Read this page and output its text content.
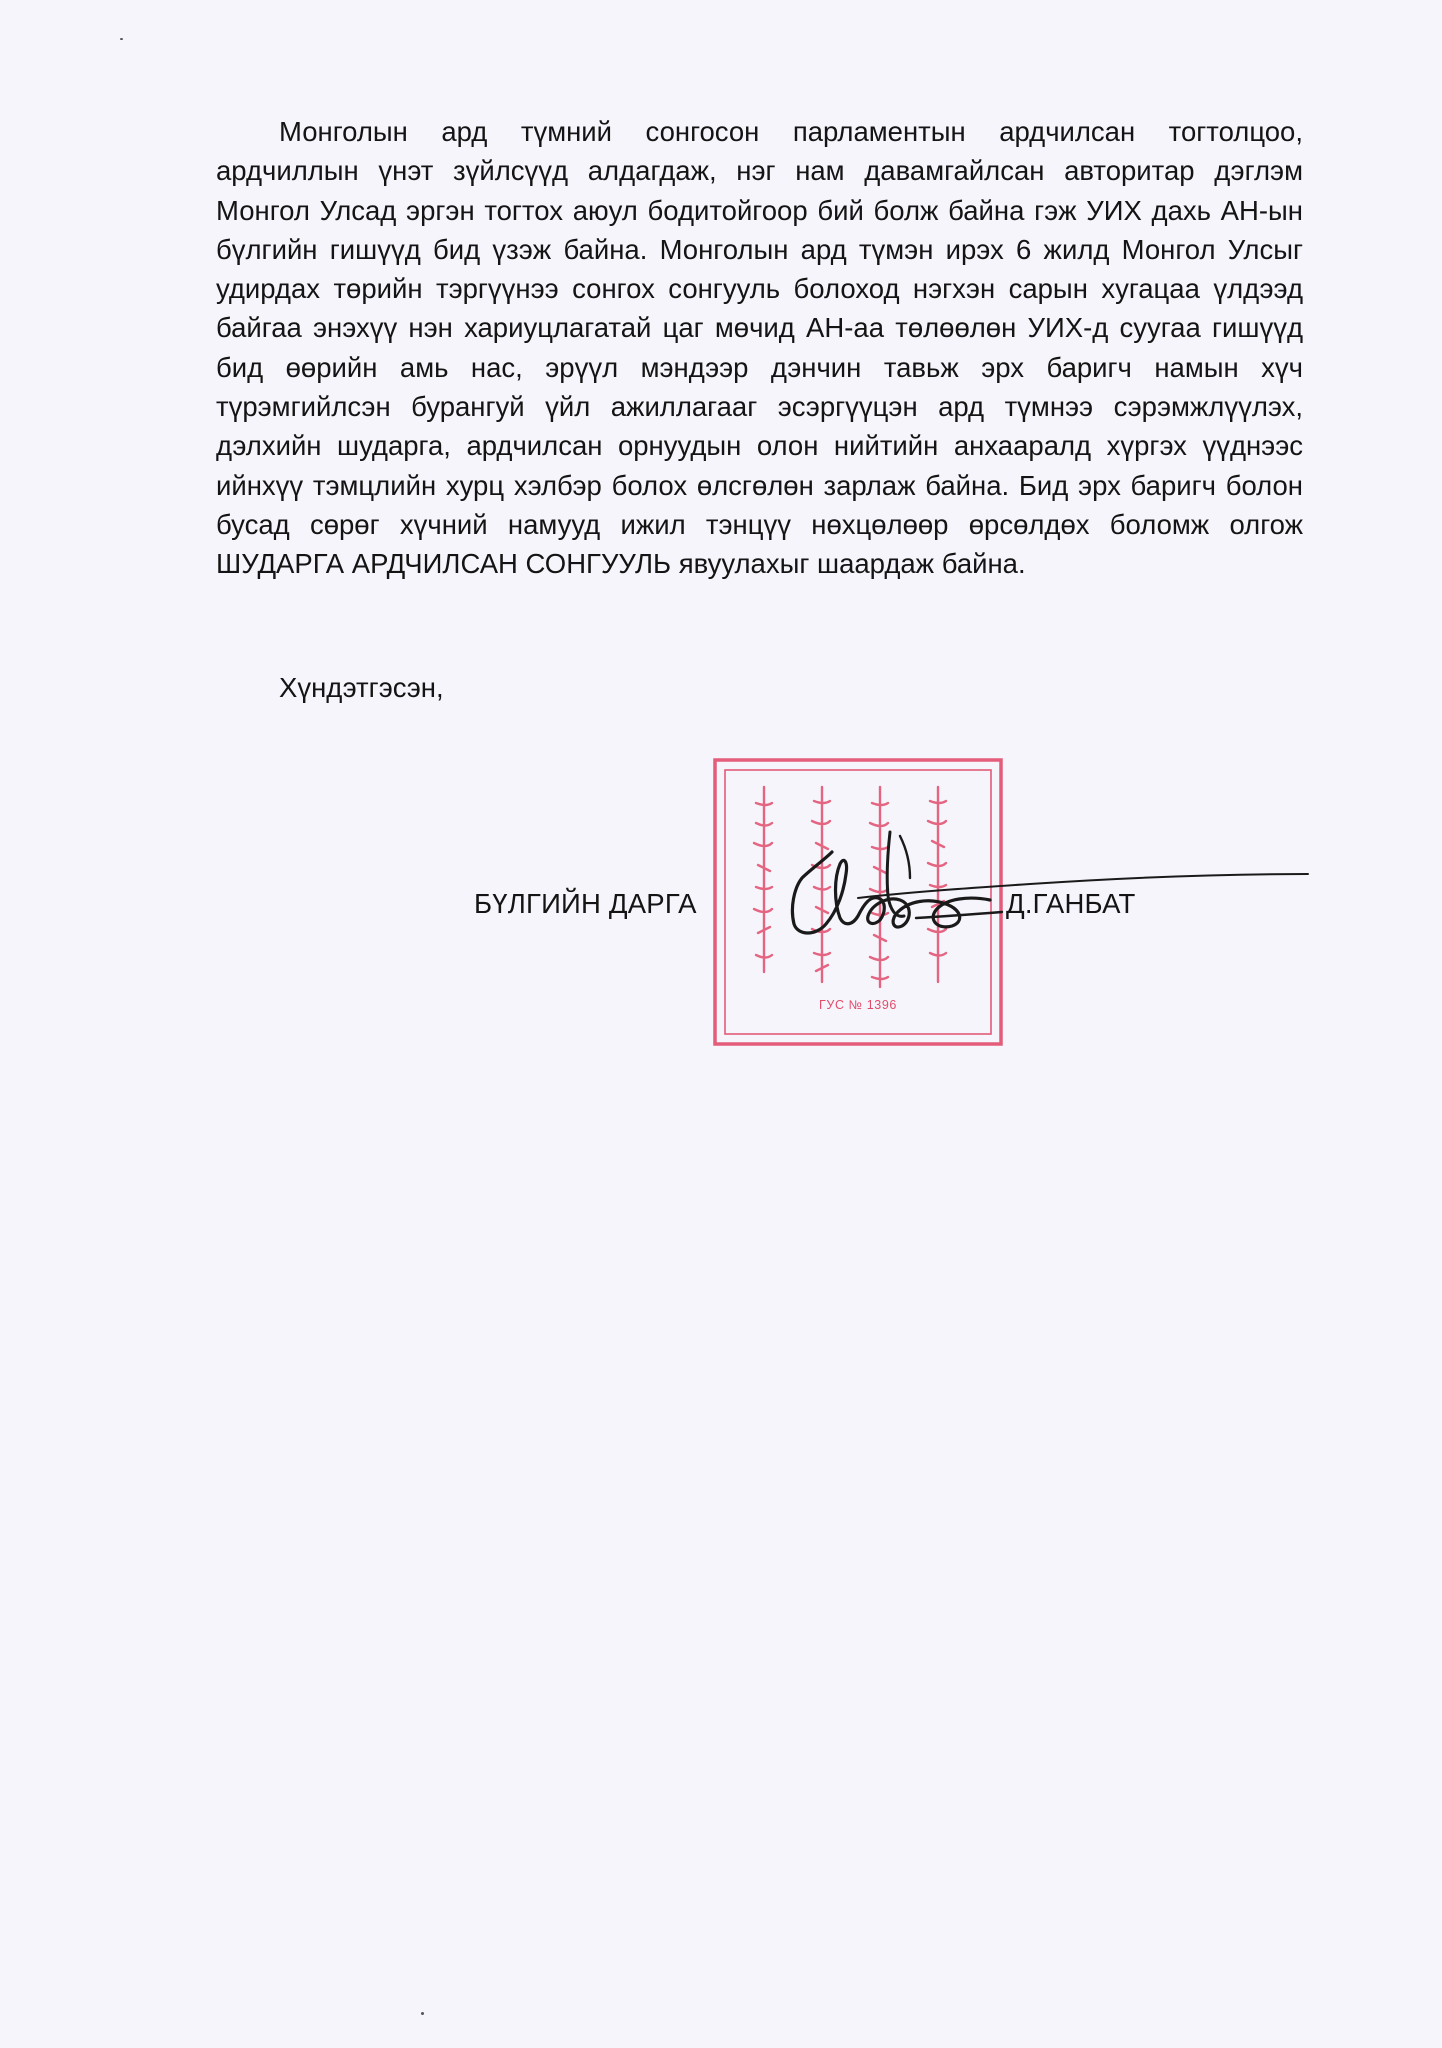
Монголын ард түмний сонгосон парламентын ардчилсан тогтолцоо,
ардчиллын үнэт зүйлсүүд алдагдаж, нэг нам давамгайлсан авторитар дэглэм
Монгол Улсад эргэн тогтох аюул бодитойгоор бий болж байна гэж УИХ дахь АН-ын
бүлгийн гишүүд бид үзэж байна. Монголын ард түмэн ирэх 6 жилд Монгол Улсыг
удирдах төрийн тэргүүнээ сонгох сонгууль болоход нэгхэн сарын хугацаа үлдээд
байгаа энэхүү нэн хариуцлагатай цаг мөчид АН-аа төлөөлөн УИХ-д суугаа гишүүд
бид өөрийн амь нас, эрүүл мэндээр дэнчин тавьж эрх баригч намын хүч
түрэмгийлсэн бурангуй үйл ажиллагааг эсэргүүцэн ард түмнээ сэрэмжлүүлэх,
дэлхийн шударга, ардчилсан орнуудын олон нийтийн анхааралд хүргэх үүднээс
ийнхүү тэмцлийн хурц хэлбэр болох өлсгөлөн зарлаж байна. Бид эрх баригч болон
бусад сөрөг хүчний намууд ижил тэнцүү нөхцөлөөр өрсөлдөх боломж олгож
ШУДАРГА АРДЧИЛСАН СОНГУУЛЬ явуулахыг шаардаж байна.

Хүндэтгэсэн,

БҮЛГИЙН ДАРГА

ГУС № 1396

Д.ГАНБАТ
